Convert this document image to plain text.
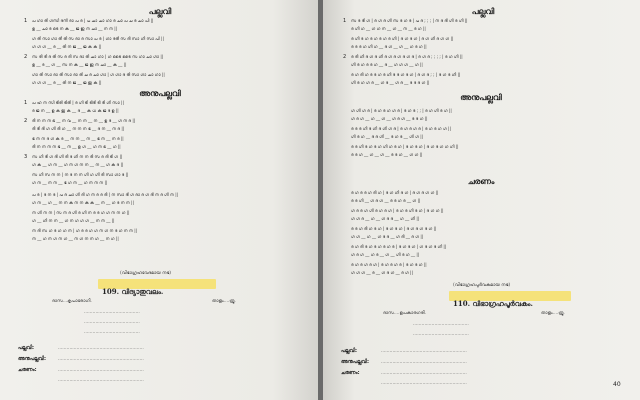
പല്ലവി
1 പ ഗാ രി ഗസി ദനി ദാ പ ദ | പ ചാ ചാ ഗാ ദ ചാ പ ച ദ ചാ പി ||
ഉ __ ചാ ദ ടെ ന ക __ ജ ഇ ന ചാ __ ന ന ||
ഗ രി സാ ഗാ രീ രി സ ദാ ദ സാ പ ദ | ഗാ ദരീ സ ദി സാ ഗി സാ പി ||
ഗ ഗ ഗ __ ദ __ രി ന ജ __ ജ ക ക ||
2 സ രി ദി ദ രി സ ദ ദി സ ദാ രി ചാ ഗാ | ഗ ടൈ ടൈ സ ഗാ ചാ ഗാ ||
ഉ __ ദ __ ഗ __ സ ന ക __ ജ ഇ ന ചാ __ ക __ ||
ഗാ രി സാ ദാ രി സാ ദാ രി ച ദ ചാ ഗാ | ഗ ഗാ ദ രി സാ ഗാ ചാ ഗാ ||
ഗ ഗ ഗ __ ദ __ രി ന ജ __ ജ ഇ ക ||
അനുപല്ലവി
1 പ ഹ ന സി ടിരി ടിരി | ദ ഗി ടി ടിദി ടി ദി ഗി സാ ||
ദ ജ ന __ ഉ ക ഇ ക __ ദ __ ക ധ ക ജ ദ ഉ ||
2 ദി ന ന ന ഭ __ ന വ __ ന ന __ ന __ ഉ ദ __ ഗ ന ദ ||
ദി ദി ദി ഗ ഗി ദി ഗ __ ന ന ന ഭ __ ദ ന __ ന ദ ||
ഭ ന ന ദ ഗ ക ദ __ ന ന __ ന __ ഭ ന __ ന ദ ||
ദി ന ന ന ന ഭ __ ന __ ഉ ഗ __ ഗ ന ഭ __ ഗ ||
3 സ ഗി ദി ഗ ദി ഗി ദി ദ ഗി ന ന ദി സ ദ ദി ടി ഗ ||
ഗ ക __ ഗ ന __ ഗ ന ഗ ന ന __ ന __ ഗ ക ദ ||
സ ഗി സ ന ന | ന ദ ന ന ഗി ഗ ഗി ദി സാ ഗാ ദ ||
ഗ ന __ ന ന __ ഭ ഗ ന __ ഗ ന ന ന ||
പ ദ | ദ ന ദ | പ ദ ചാ ഗി ദി ഗ ന ദ ദ ദി | ന സാ ദി ഗ ദാ ദ ഗ ദി ന ദ ഗി ന ||
ഗ ന __ ഗ __ ന ന ക ന ന ക ക __ ന __ ഗ ദ ന ന ||
ന ഗി ന ന | സ ന ദ ഗി ദ ഗി ന ദ ദ ഗ ഗ ന ന ഗ ||
ഗ __ ഗി ന ന __ ഗ ന ഗ ഗ ഗ __ ന ന __ ||
ന ദി സ ഗ ദ ഗ ഗ ന | ഗ ദ ദ ഗ ഗ ന ഗ ന ദ ഗ ന ന ||
ന __ ഗ ന ഗ ന ഗ __ ന ഗ ന ന ഗ __ ന ഗ ||
(വിഭാഗ്രഹവേദമായ നഭ)
109. വിദ്യാതുവലം.
ദാസ...കൃപാരോഗി.	താളം....ത്രൂ.
.......................................
.......................................
.......................................
പല്ലവി:	............................................................
അനുപല്ലവി:	............................................................
ചരണം:	............................................................
............................................................
പല്ലവി
1 സ ദ ദി ഗ | ദ ഗ ദ ഗി സ ദ ഗ ദ | പ ദ ; ; ; | ന ദ ദി ഗി ദ ഗി ||
ദ ഗി ഗ __ ഗ ഗ ന __ ഗ __ ന __ ദ ഗ ||
ദ ഗി ദ ഗ ദ ഗ ദ ഗ ദ ഗി | ദ ഗ ദ ഗ | ദ ഗ ഗി ദ ഗ ഗ ||
ദ ദ ദ ഗ ഗി ഗ __ ദ ഗ __ ഗ __ ഗ ദ ഗ ||
2 ദ ദി ഗി ദ ഗ ദ ഗി ദ ഗ ദ ഗ ദ ഗ ദ | ദ ഗ ദ ; ; ; ; | ദ ഗ ഗി ||
ഗി ദ ഗ ദ ദ ഗ __ ദ __ ഗ ഗ ഗ __ ഗ ||
ദ ഗ ദി ഗ ദ ദ ഗ ദ ഗി ദ ദ ഗ ദ ഗ | ദ ഗ ദ ; ; | ദ ഗ ദ ഗി ||
ഗി ദ ഗ ഗ ദ __ ഗ ദ __ ഗ ദ __ ദ ദ ദ ഗ ||
അനുപല്ലവി
ഗ ഗി ഗ ദ | ദ ഗ ദ ഗ ഗ ദ | ദ ഗ ദ ; ; | ദ ഗ ഗി ദ ഗ ||
ഗ ദ ഗ __ ഗ __ ഗ __ ഗ ദ ഗ __ ദ ദ ഗ ||
ദ ദ ദ ഗി ദ ഗി ദ ഗി ഗ ദ | ദ ഗ ദ ഗ ദ | ദ ഗ ദ ഗ ഗ ||
ഗി ദ ഗ __ ദ ദ ഗി __ ദ ഗ ദ __ ഗി ഗ ||
ദ ദ ഗി ദ ഗ ദ ഗ ഗി ഗ ദ ഗ | ദ ഗ ദ ഗ | ദ ഗ ദ ഗ ഗ ഗി ||
ദ ദ ഗ __ ഗ __ ഗ __ ദ ദ ഗ __ ഗ ഗ ||
ചരണം
ദ ഗ ദ ദ ഗ ദി ഗ | ദ ഗ ഗി ദ ഗ | ദ ഗ ദ ഗ ഗ ||
ദ ദ ഗി __ ഗ ദ ഗ __ ദ ദ ഗ ദ __ ഗ ||
ഗ ദ ദ ഗ ഗി ദ ഗ ദ ഗ | ദ ഗ ദ ഗി ദ ഗ | ദ ഗ ഗ ||
ഗ ഗ ദ __ ഗ __ ഗ ദ ദ __ ഗ __ ഗി ||
ദ ദ ഗ ദി ഗ ദ ഗ | ദ ഗ ദ ഗ | ദ ഗ ദ ഗ ദ ഗ ||
ഗ ഗ __ ഗ __ ഗ ദ ദ __ ഗ ദി __ ദ ഗ ||
ദ ഗ ദി ദ ഗ ദ ഗ ദ ഗ ദ | ദ ഗ ദ ഗ | ഗ ദ ഗ ദ ഗി ||
ഗ ദ ഗ __ ഗ ദ __ ഗ __ ഗി ദ ഗ __ ||
ദ ഗ ദ ഗ ദ ഗ | ദ ഗ ദ ഗ ദ | ദ ഗ ദ ഗ ||
ഗ ഗ ഗ __ ദ __ ഗ ദ ഗ __ ദ ഗ ||
(വിഭാഗ്രഹപൂർവകമായ നഭ)
110. വിഭാഗ്രഹപൂർവകം.
ദാസ....ഉപകാരഗരി.	താളം....ത്രൂ.
.......................................
.......................................
പല്ലവി:	............................................................
അനുപല്ലവി:	............................................................
ചരണം:	............................................................
............................................................	40
